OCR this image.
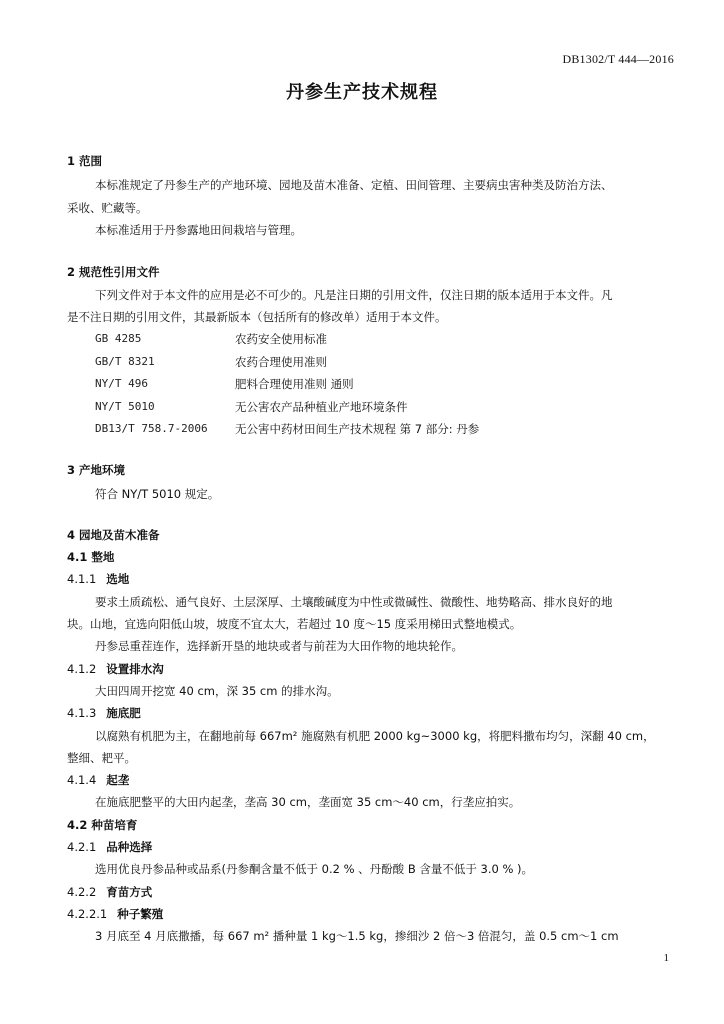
DB1302/T 444—2016
丹参生产技术规程
1 范围
本标准规定了丹参生产的产地环境、园地及苗木准备、定植、田间管理、主要病虫害种类及防治方法、
采收、贮藏等。
本标准适用于丹参露地田间栽培与管理。
2 规范性引用文件
下列文件对于本文件的应用是必不可少的。凡是注日期的引用文件，仅注日期的版本适用于本文件。凡
是不注日期的引用文件，其最新版本（包括所有的修改单）适用于本文件。
GB 4285	农药安全使用标准
GB/T 8321	农药合理使用准则
NY/T 496	肥料合理使用准则 通则
NY/T 5010	无公害农产品种植业产地环境条件
DB13/T 758.7-2006 无公害中药材田间生产技术规程 第 7 部分: 丹参
3 产地环境
符合 NY/T 5010 规定。
4 园地及苗木准备
4.1 整地
4.1.1 选地
要求土质疏松、通气良好、土层深厚、土壤酸碱度为中性或微碱性、微酸性、地势略高、排水良好的地
块。山地，宜选向阳低山坡，坡度不宜太大，若超过 10 度～15 度采用梯田式整地模式。
丹参忌重茬连作，选择新开垦的地块或者与前茬为大田作物的地块轮作。
4.1.2 设置排水沟
大田四周开挖宽 40 cm，深 35 cm 的排水沟。
4.1.3 施底肥
以腐熟有机肥为主，在翻地前每 667m² 施腐熟有机肥 2000 kg~3000 kg，将肥料撒布均匀，深翻 40 cm，
整细、耙平。
4.1.4 起垄
在施底肥整平的大田内起垄，垄高 30 cm，垄面宽 35 cm～40 cm，行垄应拍实。
4.2 种苗培育
4.2.1 品种选择
选用优良丹参品种或品系(丹参酮含量不低于 0.2 % 、丹酚酸 B 含量不低于 3.0 % )。
4.2.2 育苗方式
4.2.2.1 种子繁殖
3 月底至 4 月底撒播，每 667 m² 播种量 1 kg～1.5 kg，掺细沙 2 倍～3 倍混匀，盖 0.5 cm～1 cm
1
